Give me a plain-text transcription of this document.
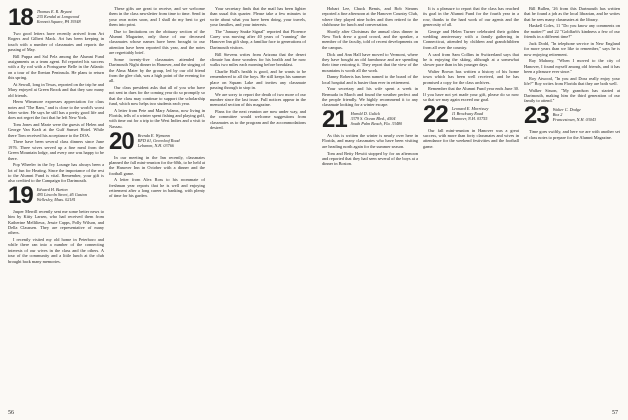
18 Thomas E. R. Bryant
235 Kendal at Longwood
Kennett Square, PA 19348

Two good letters have recently arrived from Art Rogers and Gilbert Mack. Art has been keeping in touch with a number of classmates and reports the passing of May.

Bill Puppa and Sal Pelz among the Alumni Fund assignments as a team agent. Ed reported his success with a fly rod with a Portuguese Belle in the Atlantic on a tour of the Iberian Peninsula. He plans to return this spring.

At Sewall, long in Texas, reported on the trip he and Mary enjoyed at Green Brook and that they saw many old friends.

Herm Winsmore expresses appreciation for class notes and "The Ram," and is close to the world's worst letter writer. He says he still has a pretty good life and does not regret the fact that he left New York.

Tom Jones and Marie were the guests of Helen and George Van Kraft at the Gulf Sunset Hotel. While there Tom received his acceptance to the DOA.

There have been several class dinners since June 1976. Three wives served up a fine meal from the Green Mountain lodge, and every one was happy to be there.

Pop Wheeler in the Ivy Lounge has always been a lot of fun for Heating. Since the importance of the rest to the Alumni Fund is vital. Remember, your gift is also credited to the Campaign for Dartmouth.

19 Edward H. Burton
495 Lincoln Street, #5 Gaston
Wellesley, Mass. 02181

Jasper Merrill recently sent me some better news to him by Kitty Larsen, who had received them from Katherine Mellilieux, Jessie Capps, Polly Wilson, and Della Claussen. They are representative of many others.

I recently visited my old home in Peterboro and while there ran into a number of the connecting interests of our wives in the class and the others. A tour of the community and a little lunch at the club brought back many memories.

These gifts are great to receive, and we welcome them in the class newsletter from time to time. Send in your own notes soon, and I shall do my best to get them into print.

Due to limitations on the obituary section of the Alumni Magazine, only those of our deceased classmates whose names have been brought to our attention have been reported this year, and the notes are regrettably brief.

Some twenty-five classmates attended the Dartmouth Night dinner in Hanover, and the singing of the Alma Mater by the group, led by our old friend from the glee club, was a high point of the evening for all.

Our class president asks that all of you who have not sent in dues for the coming year do so promptly so that the class may continue to support the scholarship fund, which now helps two students each year.

A letter from Pete and Mary Adams, now living in Florida, tells of a winter spent fishing and playing golf, with time out for a trip to the West Indies and a visit to Nassau.

20 Brenda E. Wymann
RFD #1, Greenleaf Road
Lebanon, N.H. 03766

In our meeting in the Inn recently, classmates planned the fall mini-reunion for the 60th, to be held at the Hanover Inn in October with a dinner and the football game.

A letter from Alex Ross to his roommate of freshman year reports that he is well and enjoying retirement after a long career in banking, with plenty of time for his garden.

Your secretary finds that the mail has been lighter than usual this quarter. Please take a few minutes to write about what you have been doing, your travels, your families, and your interests.

The "January Snake Signal" reported that Florence Carey was moving after 40 years of "running" the Hanover Inn gift shop, a familiar face to generations of Dartmouth visitors.

Bill Stevens writes from Arizona that the desert climate has done wonders for his health and he now walks two miles each morning before breakfast.

Charlie Hall's health is good, and he wants to be remembered to all the boys. He still keeps his summer place on Squam Lake and invites any classmate passing through to stop in.

We are sorry to report the death of two more of our number since the last issue. Full notices appear in the memorial section of this magazine.

Plans for the next reunion are now under way, and the committee would welcome suggestions from classmates as to the program and the accommodations desired.

56

Hobart Lee, Chuck Bemis, and Bob Stearns reported a fine afternoon at the Hanover Country Club, where they played nine holes and then retired to the clubhouse for lunch and conversation.

Shortly after Christmas the annual class dinner in New York drew a good crowd, and the speaker, a member of the faculty, told of recent developments on the campus.

Dick and Ann Hall have moved to Vermont, where they have bought an old farmhouse and are spending their time restoring it. They report that the view of the mountains is worth all the work.

Danny Roberts has been named to the board of the local hospital and is busier than ever in retirement.

Your secretary and his wife spent a week in Bermuda in March and found the weather perfect and the people friendly. We highly recommend it to any classmate looking for a winter escape.

21 Harold D. Gulick
3379 S. Ocean Blvd., #504
South Palm Beach, Fla. 33480

As this is written the winter is nearly over here in Florida, and many classmates who have been visiting are heading north again for the summer season.

Tom and Betty Hewitt stopped by for an afternoon and reported that they had seen several of the boys at a dinner in Boston.

It is a pleasure to report that the class has reached its goal in the Alumni Fund for the fourth year in a row, thanks to the hard work of our agents and the generosity of all.

George and Helen Turner celebrated their golden wedding anniversary with a family gathering in Connecticut, attended by children and grandchildren from all over the country.

A card from Sam Collins in Switzerland says that he is enjoying the skiing, although at a somewhat slower pace than in his younger days.

Walter Brown has written a history of his home town which has been well received, and he has promised a copy for the class archives.

Remember that the Alumni Fund year ends June 30. If you have not yet made your gift, please do so now so that we may again exceed our goal.

22 Leonard E. Morrissey
11 Brockway Road
Hanover, N.H. 03755

Our fall mini-reunion in Hanover was a great success, with more than forty classmates and wives in attendance for the weekend festivities and the football game.

Bill Bullen, '26 from this Dartmouth has written that he found a job as the local librarian, and he writes that he sees many classmates at the library.

Haskell Coles, 11 "Do you know any comments on the matter?" and 22 "Goldfarb's kindness a few of our friends in a different time?"

Jack Dodd, "In telephone service in New England for more years than we like to remember," says he is now enjoying retirement.

Ray Mahony, "When I moved to the city of Hanover, I found myself among old friends, and it has been a pleasure ever since."

Roy Atwood, "In you and Dora really enjoy your life?" Roy writes from Florida that they are both well.

Walker Sisson, "My grandson has started at Dartmouth, making him the third generation of our family to attend."

23 Walter C. Dodge
Box 2
Francestown, N.H. 03043

Time goes swiftly, and here we are with another set of class notes to prepare for the Alumni Magazine.

57
